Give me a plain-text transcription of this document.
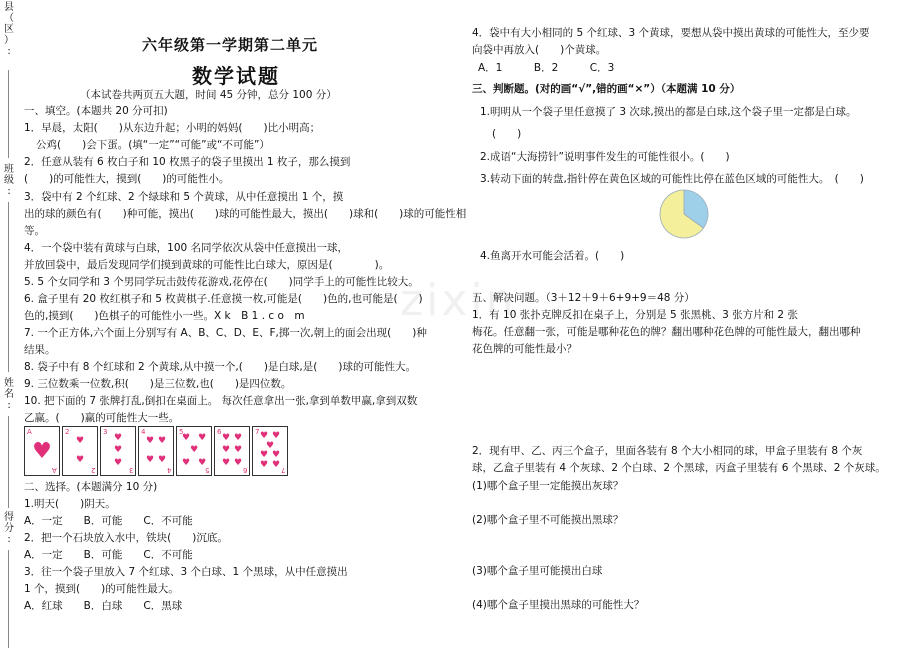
zixin
县
（
区
）
:
班
级
:
姓
名
:
得
分
:
六年级第一学期第二单元
数学试题
（本试卷共两页五大题，时间 45 分钟，总分 100 分）
一、填空。(本题共 20 分可扣)
1．早晨，太阳(　　)从东边升起；小明的妈妈(　　)比小明高；
公鸡(　　)会下蛋。(填“一定”“可能”或“不可能”）
2．任意从装有 6 枚白子和 10 枚黑子的袋子里摸出 1 枚子，那么摸到
(　　)的可能性大，摸到(　　)的可能性小。
3．袋中有 2 个红球、2 个绿球和 5 个黄球，从中任意摸出 1 个，摸
出的球的颜色有(　　)种可能，摸出(　　)球的可能性最大，摸出(　　)球和(　　)球的可能性相
等。
4．一个袋中装有黄球与白球，100 名同学依次从袋中任意摸出一球，
并放回袋中，最后发现同学们摸到黄球的可能性比白球大，原因是(　　　　)。
5. 5 个女同学和 3 个男同学玩击鼓传花游戏,花停在(　　)同学手上的可能性比较大。
6. 盒子里有 20 枚红棋子和 5 枚黄棋子.任意摸一枚,可能是(　　)色的,也可能是(　　)
色的,摸到(　　)色棋子的可能性小一些。X k　B 1 . c o　m
7. 一个正方体,六个面上分别写有 A、B、C、D、E、F,掷一次,朝上的面会出现(　　)种
结果。
8. 袋子中有 8 个红球和 2 个黄球,从中摸一个,(　　)是白球,是(　　)球的可能性大。
9. 三位数乘一位数,积(　　)是三位数,也(　　)是四位数。
10. 把下面的 7 张牌打乱,倒扣在桌面上。 每次任意拿出一张,拿到单数甲赢,拿到双数
乙赢。(　　)赢的可能性大一些。
A
♥
A
2
♥
♥
2
3
♥
♥
♥
3
4
♥ ♥
♥ ♥
4
5
♥ ♥
♥
♥ ♥
5
6
♥ ♥
♥ ♥
♥ ♥
6
7 ♥ ♥
♥
♥ ♥
♥ ♥
7
二、选择。(本题满分 10 分)
1.明天(　　)阴天。
A．一定　　B．可能　　C．不可能
2．把一个石块放入水中，铁块(　　)沉底。
A．一定　　B．可能　　C．不可能
3．往一个袋子里放入 7 个红球、3 个白球、1 个黑球，从中任意摸出
1 个，摸到(　　)的可能性最大。
A．红球　　B．白球　　C．黑球
4．袋中有大小相同的 5 个红球、3 个黄球，要想从袋中摸出黄球的可能性大，至少要
向袋中再放入(　　)个黄球。
A．1　　　B．2　　　C．3
三、判断题。(对的画“√”,错的画“×”）（本题满 10 分）
1.明明从一个袋子里任意摸了 3 次球,摸出的都是白球,这个袋子里一定都是白球。
(　　)
2.成语“大海捞针”说明事件发生的可能性很小。(　　)
3.转动下面的转盘,指针停在黄色区域的可能性比停在蓝色区域的可能性大。　(　　)
4.鱼离开水可能会活着。(　　)
五、解决问题。（3＋12＋9＋6+9+9＝48 分）
1．有 10 张扑克牌反扣在桌子上，分别是 5 张黑桃、3 张方片和 2 张
梅花。任意翻一张，可能是哪种花色的牌？翻出哪种花色牌的可能性最大，翻出哪种
花色牌的可能性最小？
2．现有甲、乙、丙三个盒子，里面各装有 8 个大小相同的球，甲盒子里装有 8 个灰
球，乙盒子里装有 4 个灰球、2 个白球、2 个黑球，丙盒子里装有 6 个黑球、2 个灰球。
(1)哪个盒子里一定能摸出灰球？
(2)哪个盒子里不可能摸出黑球？
(3)哪个盒子里可能摸出白球
(4)哪个盒子里摸出黑球的可能性大？
